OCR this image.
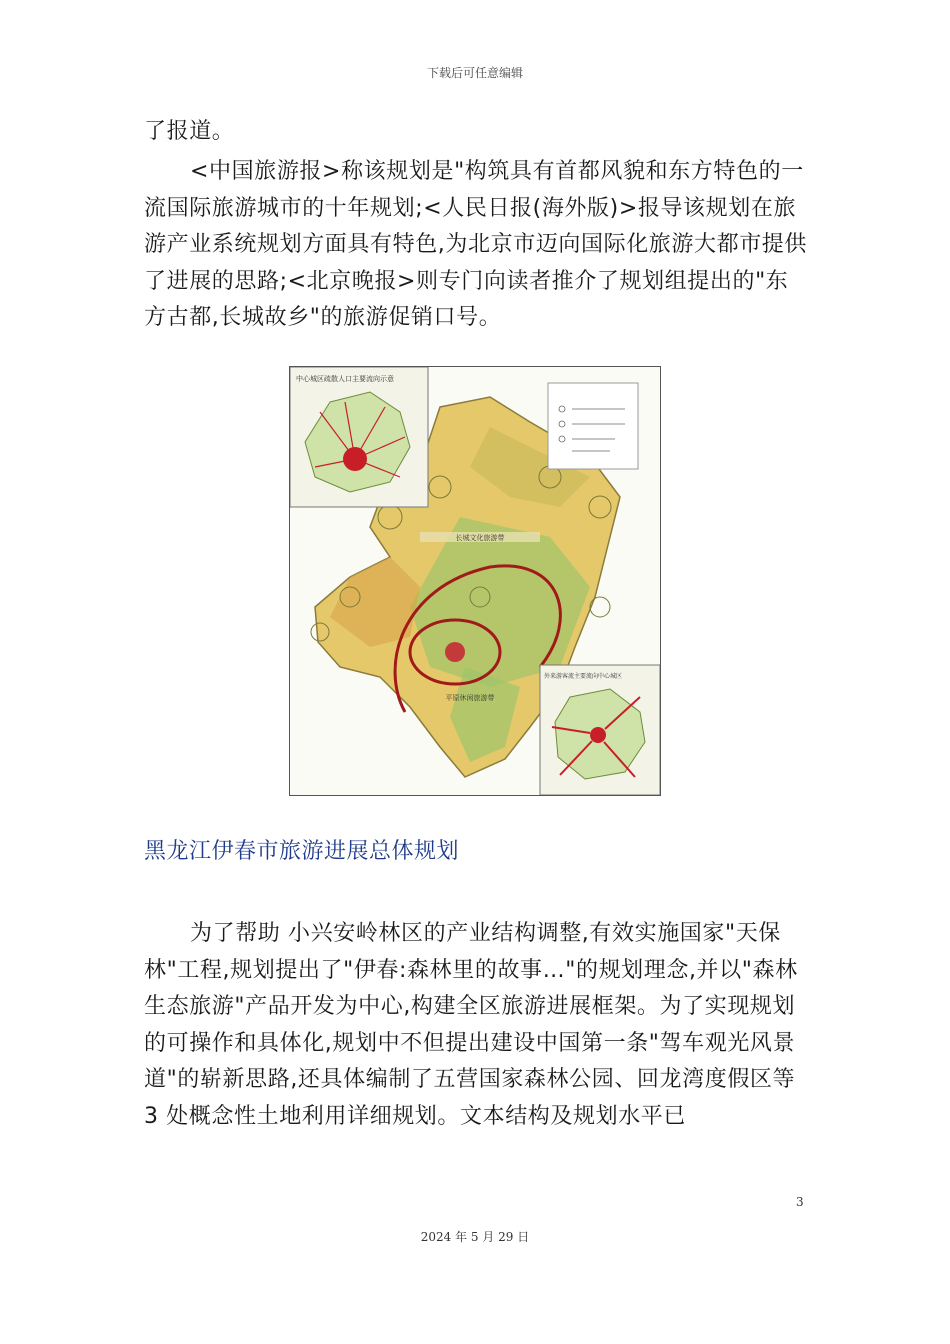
下载后可任意编辑

了报道。

<中国旅游报>称该规划是"构筑具有首都风貌和东方特色的一流国际旅游城市的十年规划;<人民日报(海外版)>报导该规划在旅游产业系统规划方面具有特色,为北京市迈向国际化旅游大都市提供了进展的思路;<北京晚报>则专门向读者推介了规划组提出的"东方古都,长城故乡"的旅游促销口号。

长城文化旅游带
平原休闲旅游带
中心城区疏散人口主要流向示意
外来游客流主要流向中心城区
黑龙江伊春市旅游进展总体规划

为了帮助 小兴安岭林区的产业结构调整,有效实施国家"天保林"工程,规划提出了"伊春:森林里的故事…"的规划理念,并以"森林生态旅游"产品开发为中心,构建全区旅游进展框架。为了实现规划的可操作和具体化,规划中不但提出建设中国第一条"驾车观光风景道"的崭新思路,还具体编制了五营国家森林公园、回龙湾度假区等 3 处概念性土地利用详细规划。文本结构及规划水平已

3
2024 年 5 月 29 日
